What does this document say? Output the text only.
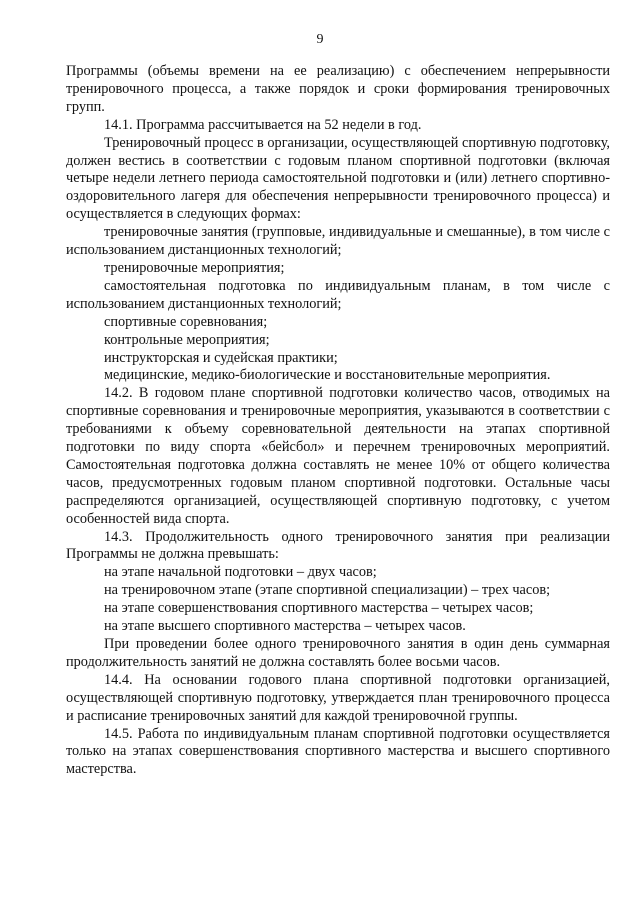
9

Программы (объемы времени на ее реализацию) с обеспечением непрерывности тренировочного процесса, а также порядок и сроки формирования тренировочных групп.

14.1. Программа рассчитывается на 52 недели в год.

Тренировочный процесс в организации, осуществляющей спортивную подготовку, должен вестись в соответствии с годовым планом спортивной подготовки (включая четыре недели летнего периода самостоятельной подготовки и (или) летнего спортивно-оздоровительного лагеря для обеспечения непрерывности тренировочного процесса) и осуществляется в следующих формах:

тренировочные занятия (групповые, индивидуальные и смешанные), в том числе с использованием дистанционных технологий;

тренировочные мероприятия;

самостоятельная подготовка по индивидуальным планам, в том числе с использованием дистанционных технологий;

спортивные соревнования;

контрольные мероприятия;

инструкторская и судейская практики;

медицинские, медико-биологические и восстановительные мероприятия.

14.2. В годовом плане спортивной подготовки количество часов, отводимых на спортивные соревнования и тренировочные мероприятия, указываются в соответствии с требованиями к объему соревновательной деятельности на этапах спортивной подготовки по виду спорта «бейсбол» и перечнем тренировочных мероприятий. Самостоятельная подготовка должна составлять не менее 10% от общего количества часов, предусмотренных годовым планом спортивной подготовки. Остальные часы распределяются организацией, осуществляющей спортивную подготовку, с учетом особенностей вида спорта.

14.3. Продолжительность одного тренировочного занятия при реализации Программы не должна превышать:

на этапе начальной подготовки – двух часов;

на тренировочном этапе (этапе спортивной специализации) – трех часов;

на этапе совершенствования спортивного мастерства – четырех часов;

на этапе высшего спортивного мастерства – четырех часов.

При проведении более одного тренировочного занятия в один день суммарная продолжительность занятий не должна составлять более восьми часов.

14.4. На основании годового плана спортивной подготовки организацией, осуществляющей спортивную подготовку, утверждается план тренировочного процесса и расписание тренировочных занятий для каждой тренировочной группы.

14.5. Работа по индивидуальным планам спортивной подготовки осуществляется только на этапах совершенствования спортивного мастерства и высшего спортивного мастерства.
